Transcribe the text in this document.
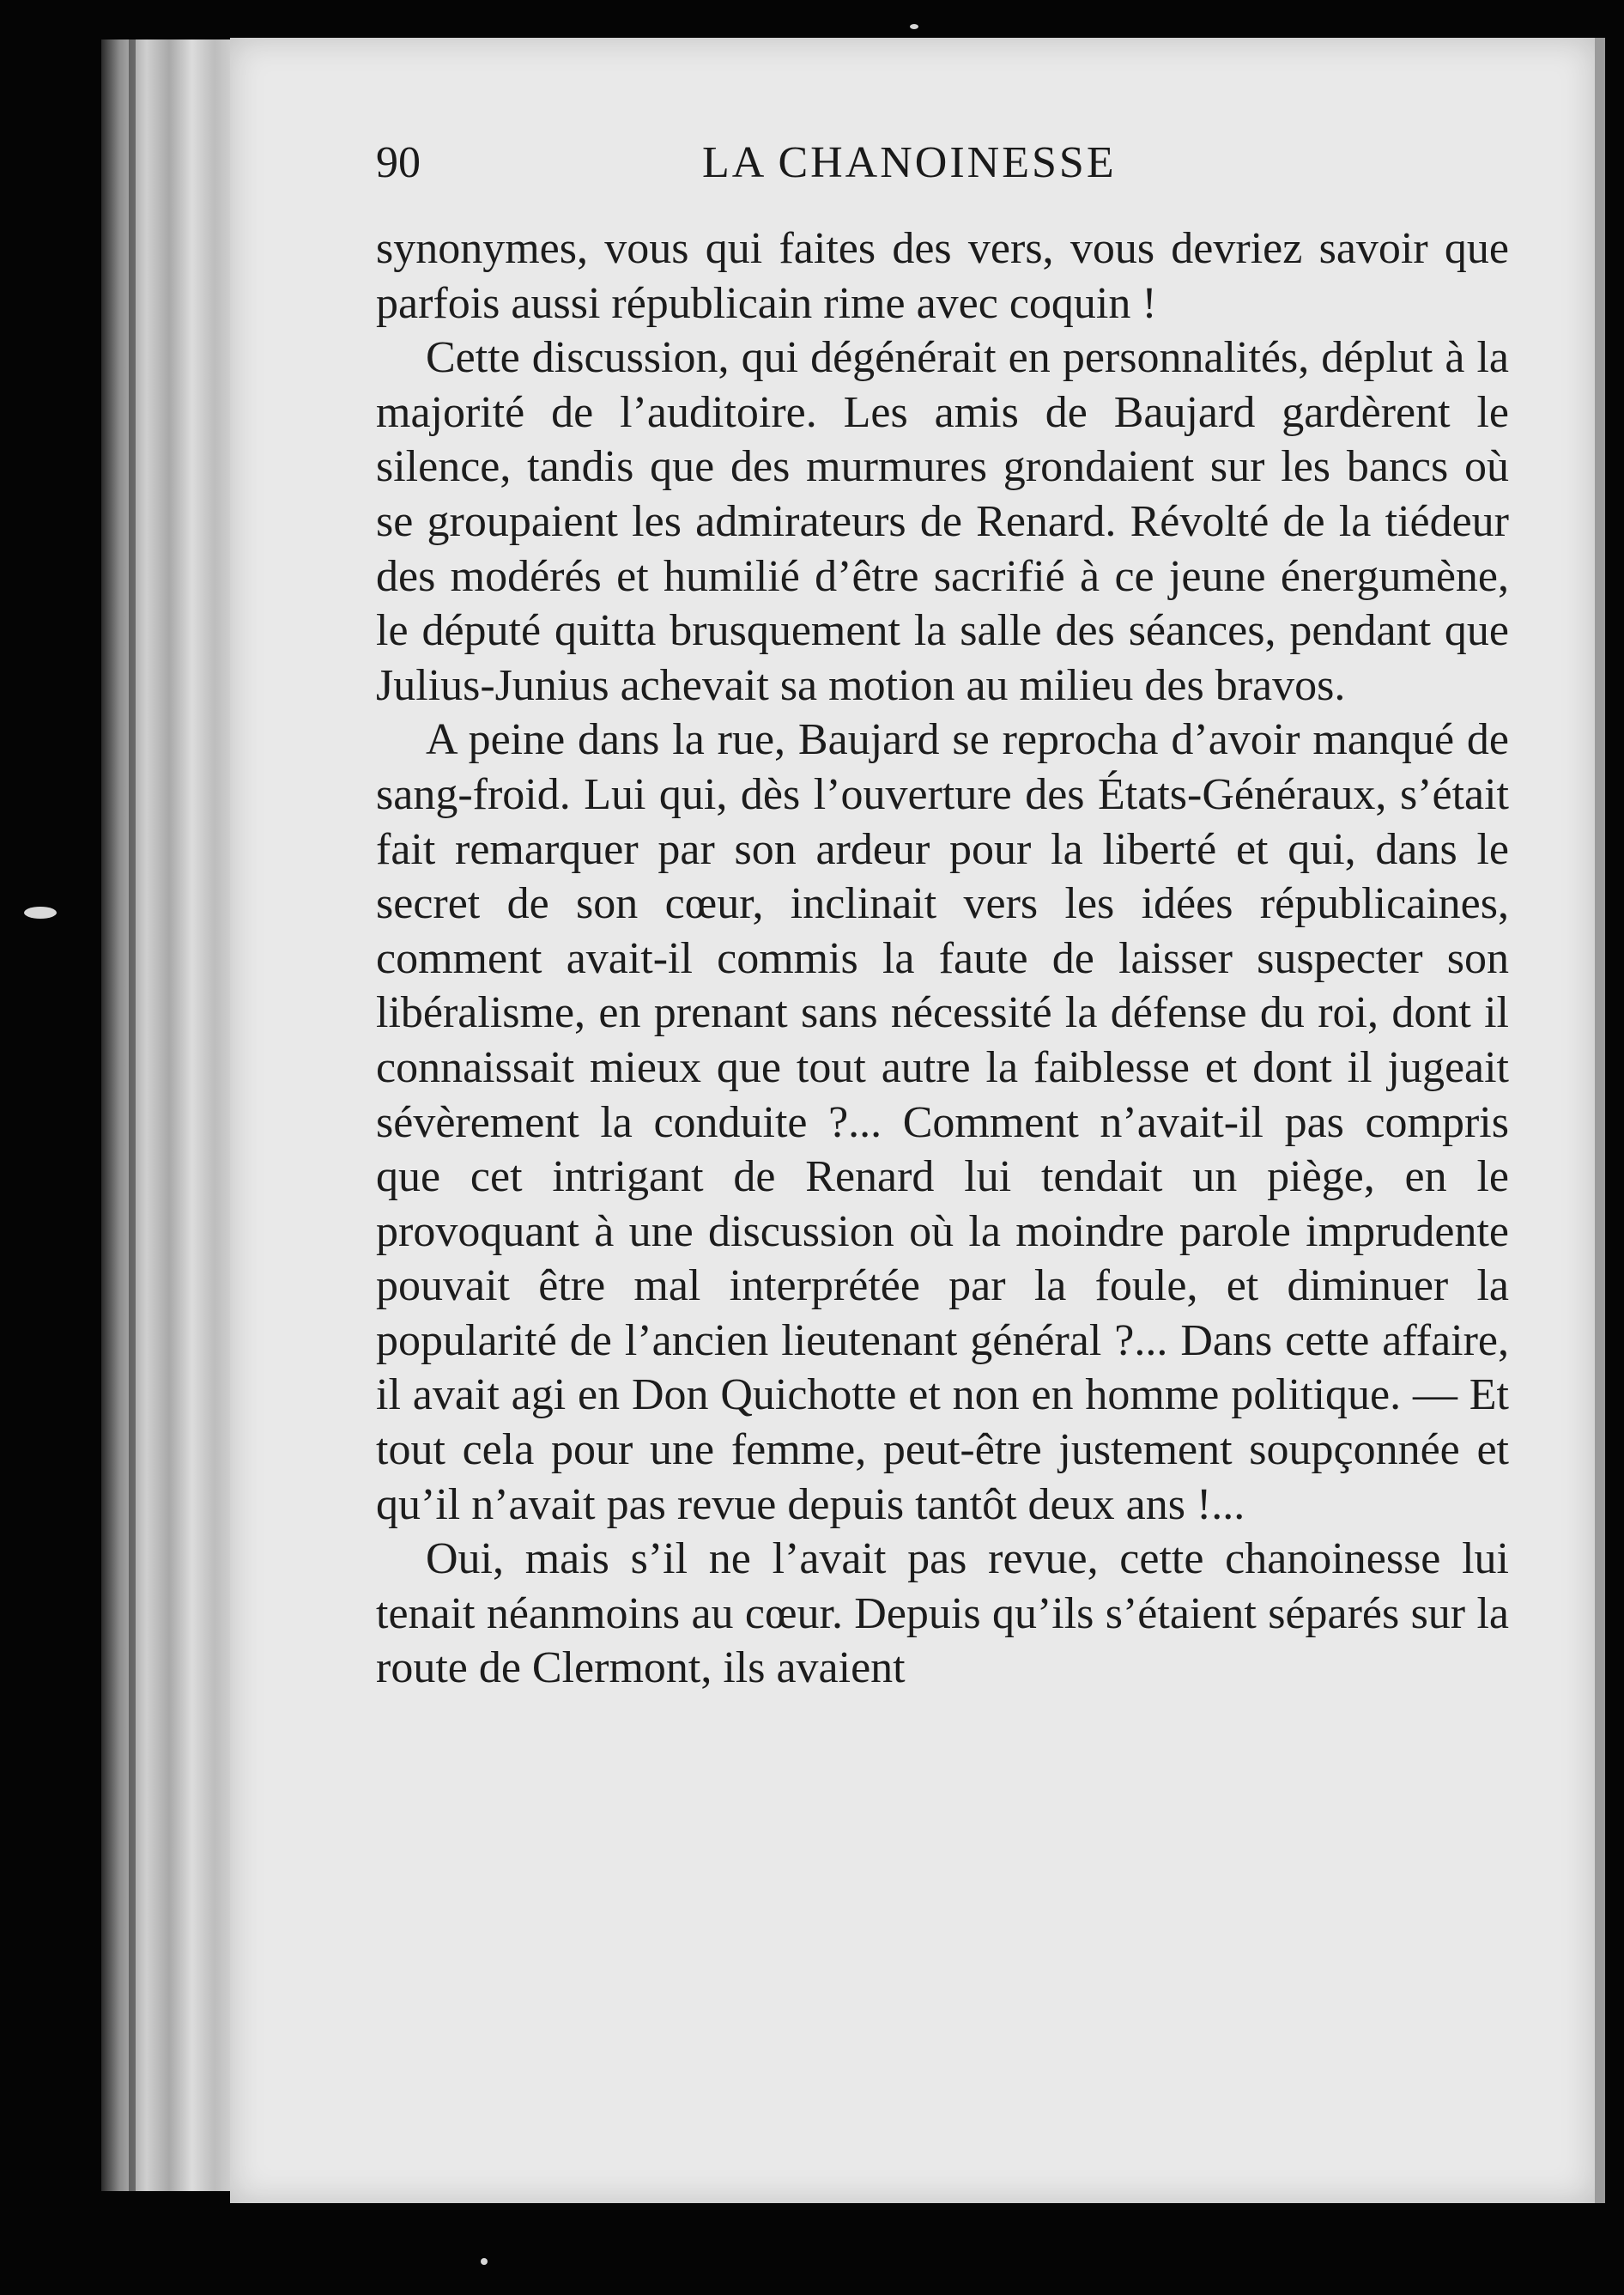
90	LA CHANOINESSE

synonymes, vous qui faites des vers, vous devriez savoir que parfois aussi républicain rime avec coquin !

Cette discussion, qui dégénérait en personnalités, déplut à la majorité de l’auditoire. Les amis de Baujard gardèrent le silence, tandis que des murmures grondaient sur les bancs où se groupaient les admirateurs de Renard. Révolté de la tiédeur des modérés et humilié d’être sacrifié à ce jeune énergumène, le député quitta brusquement la salle des séances, pendant que Julius-Junius achevait sa motion au milieu des bravos.

A peine dans la rue, Baujard se reprocha d’avoir manqué de sang-froid. Lui qui, dès l’ouverture des États-Généraux, s’était fait remarquer par son ardeur pour la liberté et qui, dans le secret de son cœur, inclinait vers les idées républicaines, comment avait-il commis la faute de laisser suspecter son libéralisme, en prenant sans nécessité la défense du roi, dont il connaissait mieux que tout autre la faiblesse et dont il jugeait sévèrement la conduite ?... Comment n’avait-il pas compris que cet intrigant de Renard lui tendait un piège, en le provoquant à une discussion où la moindre parole imprudente pouvait être mal interprétée par la foule, et diminuer la popularité de l’ancien lieutenant général ?... Dans cette affaire, il avait agi en Don Quichotte et non en homme politique. — Et tout cela pour une femme, peut-être justement soupçonnée et qu’il n’avait pas revue depuis tantôt deux ans !...

Oui, mais s’il ne l’avait pas revue, cette chanoinesse lui tenait néanmoins au cœur. Depuis qu’ils s’étaient séparés sur la route de Clermont, ils avaient
